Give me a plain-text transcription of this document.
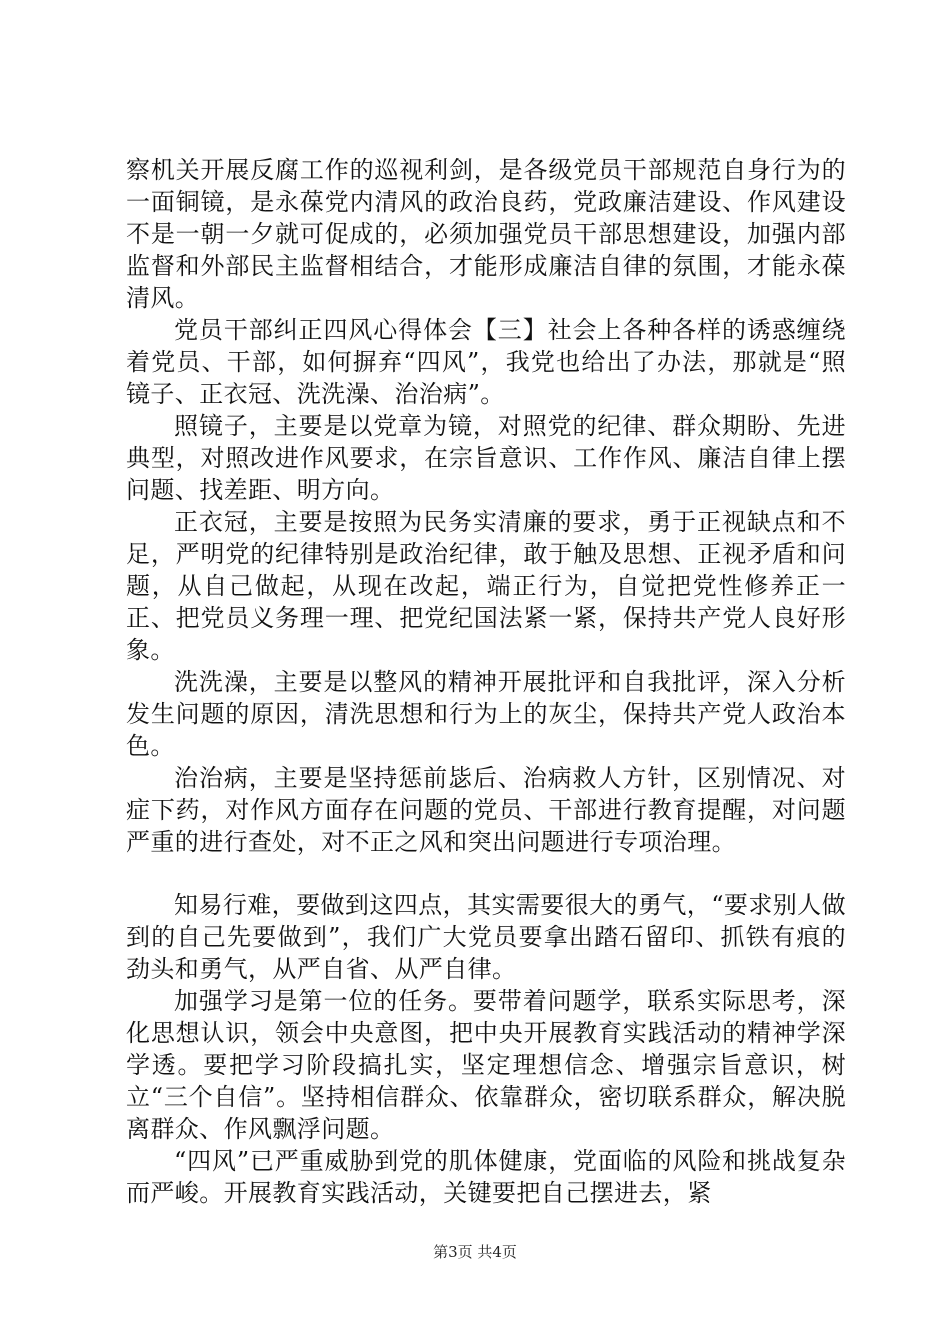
察机关开展反腐工作的巡视利剑，是各级党员干部规范自身行为的一面铜镜，是永葆党内清风的政治良药，党政廉洁建设、作风建设不是一朝一夕就可促成的，必须加强党员干部思想建设，加强内部监督和外部民主监督相结合，才能形成廉洁自律的氛围，才能永葆清风。

党员干部纠正四风心得体会【三】社会上各种各样的诱惑缠绕着党员、干部，如何摒弃“四风”，我党也给出了办法，那就是“照镜子、正衣冠、洗洗澡、治治病”。

照镜子，主要是以党章为镜，对照党的纪律、群众期盼、先进典型，对照改进作风要求，在宗旨意识、工作作风、廉洁自律上摆问题、找差距、明方向。

正衣冠，主要是按照为民务实清廉的要求，勇于正视缺点和不足，严明党的纪律特别是政治纪律，敢于触及思想、正视矛盾和问题，从自己做起，从现在改起，端正行为，自觉把党性修养正一正、把党员义务理一理、把党纪国法紧一紧，保持共产党人良好形象。

洗洗澡，主要是以整风的精神开展批评和自我批评，深入分析发生问题的原因，清洗思想和行为上的灰尘，保持共产党人政治本色。

治治病，主要是坚持惩前毖后、治病救人方针，区别情况、对症下药，对作风方面存在问题的党员、干部进行教育提醒，对问题严重的进行查处，对不正之风和突出问题进行专项治理。

知易行难，要做到这四点，其实需要很大的勇气，“要求别人做到的自己先要做到”，我们广大党员要拿出踏石留印、抓铁有痕的劲头和勇气，从严自省、从严自律。

加强学习是第一位的任务。要带着问题学，联系实际思考，深化思想认识，领会中央意图，把中央开展教育实践活动的精神学深学透。要把学习阶段搞扎实，坚定理想信念、增强宗旨意识，树立“三个自信”。坚持相信群众、依靠群众，密切联系群众，解决脱离群众、作风飘浮问题。

“四风”已严重威胁到党的肌体健康，党面临的风险和挑战复杂而严峻。开展教育实践活动，关键要把自己摆进去，紧

第3页 共4页
